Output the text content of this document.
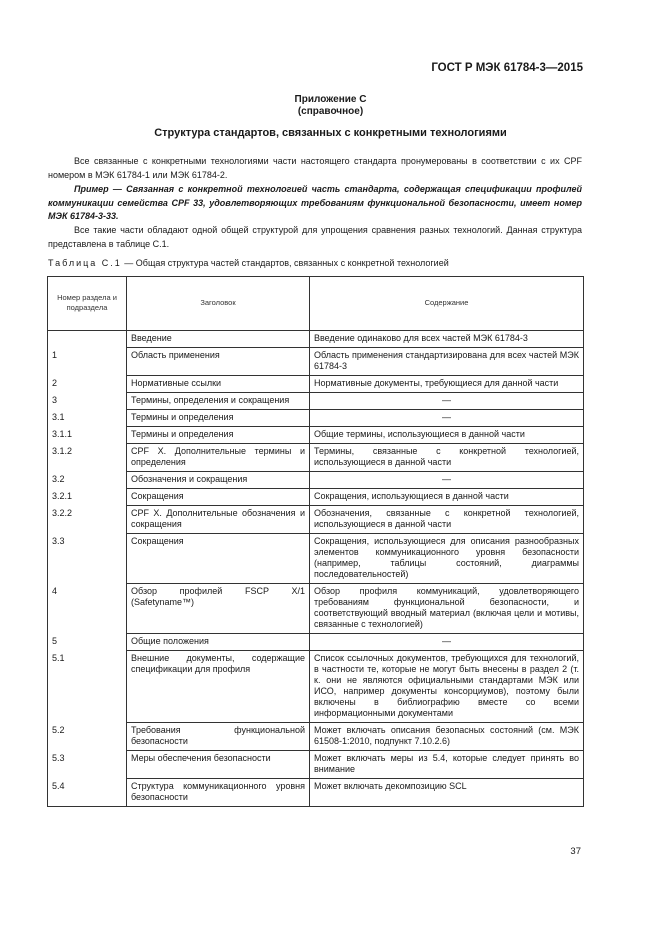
ГОСТ Р МЭК 61784-3—2015
Приложение С
(справочное)
Структура стандартов, связанных с конкретными технологиями
Все связанные с конкретными технологиями части настоящего стандарта пронумерованы в соответствии с их CPF номером в МЭК 61784-1 или МЭК 61784-2.
Пример — Связанная с конкретной технологией часть стандарта, содержащая спецификации профилей коммуникации семейства CPF 33, удовлетворяющих требованиям функциональной безопасности, имеет номер МЭК 61784-3-33.
Все такие части обладают одной общей структурой для упрощения сравнения разных технологий. Данная структура представлена в таблице С.1.
Таблица С.1 — Общая структура частей стандартов, связанных с конкретной технологией
Номер раздела и подраздела	Заголовок	Содержание
	Введение	Введение одинаково для всех частей МЭК 61784-3
1	Область применения	Область применения стандартизирована для всех частей МЭК 61784-3
2	Нормативные ссылки	Нормативные документы, требующиеся для данной части
3	Термины, определения и сокращения	—
3.1	Термины и определения	—
3.1.1	Термины и определения	Общие термины, использующиеся в данной части
3.1.2	CPF X. Дополнительные термины и определения	Термины, связанные с конкретной технологией, использующиеся в данной части
3.2	Обозначения и сокращения	—
3.2.1	Сокращения	Сокращения, использующиеся в данной части
3.2.2	CPF X. Дополнительные обозначения и сокращения	Обозначения, связанные с конкретной технологией, использующиеся в данной части
3.3	Сокращения	Сокращения, использующиеся для описания разнообразных элементов коммуникационного уровня безопасности (например, таблицы состояний, диаграммы последовательностей)
4	Обзор профилей FSCP X/1 (Safetyname™)	Обзор профиля коммуникаций, удовлетворяющего требованиям функциональной безопасности, и соответствующий вводный материал (включая цели и мотивы, связанные с технологией)
5	Общие положения	—
5.1	Внешние документы, содержащие спецификации для профиля	Список ссылочных документов, требующихся для технологий, в частности те, которые не могут быть внесены в раздел 2 (т. к. они не являются официальными стандартами МЭК или ИСО, например документы консорциумов), поэтому были включены в библиографию вместе со всеми информационными документами
5.2	Требования функциональной безопасности	Может включать описания безопасных состояний (см. МЭК 61508-1:2010, подпункт 7.10.2.6)
5.3	Меры обеспечения безопасности	Может включать меры из 5.4, которые следует принять во внимание
5.4	Структура коммуникационного уровня безопасности	Может включать декомпозицию SCL
37
